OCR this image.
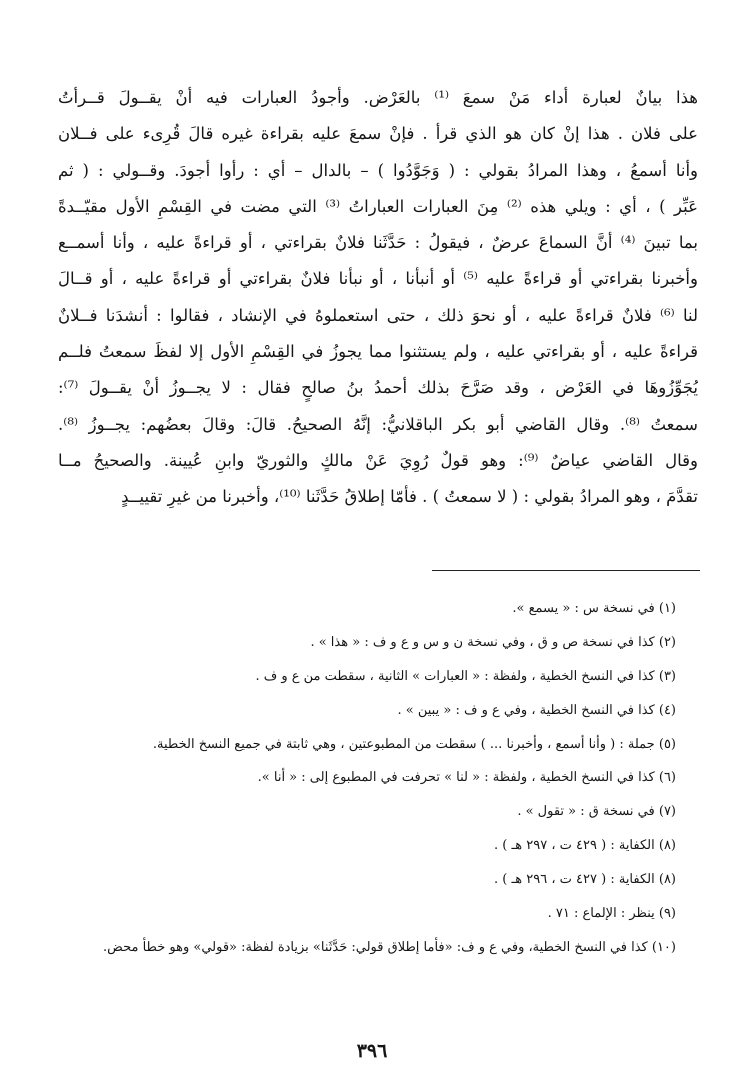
هذا بيانٌ لعبارة أداء مَنْ سمعَ ⁽¹⁾ بالعَرْض. وأجودُ العبارات فيه أنْ يقــولَ قــرأتُ
على فلان . هذا إنْ كان هو الذي قرأ . فإنْ سمعَ عليه بقراءة غيره قالَ قُرِىء على فــلان
وأنا أسمعُ ، وهذا المرادُ بقولي : ( وَجَوَّدُوا ) – بالدال – أي : رأوا أجودَ. وقــولي : ( ثم
عَبِّر ) ، أي : ويلي هذه ⁽²⁾ مِنَ العبارات العباراتُ ⁽³⁾ التي مضت في القِسْمِ الأول مقيّــدةً
بما تبينَ ⁽⁴⁾ أنَّ السماعَ عرضٌ ، فيقولُ : حَدَّثَنا فلانٌ بقراءتي ، أو قراءةً عليه ، وأنا أسمــع
وأخبرنا بقراءتي أو قراءةً عليه ⁽⁵⁾ أو أنبأنا ، أو نبأنا فلانٌ بقراءتي أو قراءةً عليه ، أو قــالَ
لنا ⁽⁶⁾ فلانٌ قراءةً عليه ، أو نحوَ ذلك ، حتى استعملوهُ في الإنشاد ، فقالوا : أنشدَنا فــلانٌ
قراءةً عليه ، أو بقراءتي عليه ، ولم يستثنوا مما يجوزُ في القِسْمِ الأول إلا لفظَ سمعتُ فلــم
يُجَوِّزُوهَا في العَرْض ، وقد صَرَّحَ بذلك أحمدُ بنُ صالحٍ فقال : لا يجــوزُ أنْ يقــولَ ⁽⁷⁾:
سمعتُ ⁽⁸⁾. وقال القاضي أبو بكر الباقلانيُّ: إنَّهُ الصحيحُ. قالَ: وقالَ بعضُهم: يجــوزُ ⁽⁸⁾.
وقال القاضي عياضٌ ⁽⁹⁾: وهو قولٌ رُوِيَ عَنْ مالكٍ والثوريّ وابنِ عُيينة. والصحيحُ مــا
تقدَّمَ ، وهو المرادُ بقولي : ( لا سمعتُ ) . فأمّا إطلاقُ حَدَّثَنا ⁽¹⁰⁾، وأخبرنا من غيرِ تقييــدٍ
(١) في نسخة س : « يسمع ».
(٢) كذا في نسخة ص و ق ، وفي نسخة ن و س و ع و ف : « هذا » .
(٣) كذا في النسخ الخطية ، ولفظة : « العبارات » الثانية ، سقطت من ع و ف .
(٤) كذا في النسخ الخطية ، وفي ع و ف : « يبين » .
(٥) جملة : ( وأنا أسمع ، وأخبرنا ... ) سقطت من المطبوعتين ، وهي ثابتة في جميع النسخ الخطية.
(٦) كذا في النسخ الخطية ، ولفظة : « لنا » تحرفت في المطبوع إلى : « أنا ».
(٧) في نسخة ق : « تقول » .
(٨) الكفاية : ( ٤٢٩ ت ، ٢٩٧ هـ ) .
(٨) الكفاية : ( ٤٢٧ ت ، ٢٩٦ هـ ) .
(٩) ينظر : الإلماع : ٧١ .
(١٠) كذا في النسخ الخطية، وفي ع و ف: «فأما إطلاق قولي: حَدَّثَنا» بزيادة لفظة: «قولي» وهو خطأ محض.
٣٩٦
